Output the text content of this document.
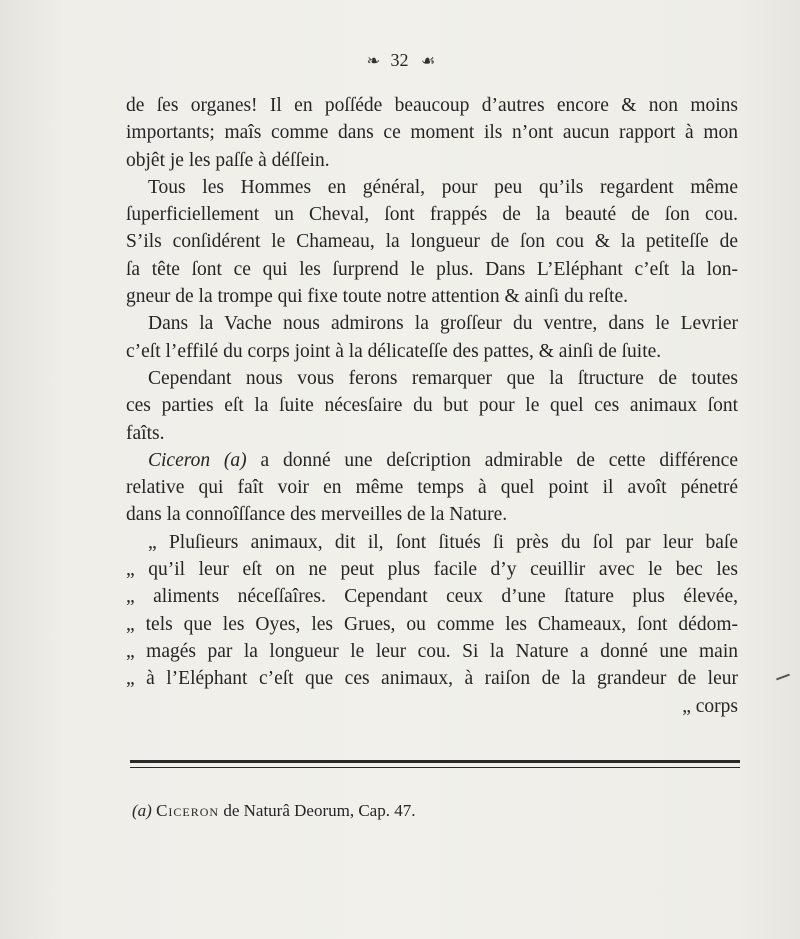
❧ 32 ☙

de ſes organes! Il en poſſéde beaucoup d’autres encore & non moins

importants; maîs comme dans ce moment ils n’ont aucun rapport à mon

objêt je les paſſe à déſſein.

Tous les Hommes en général, pour peu qu’ils regardent même

ſuperficiellement un Cheval, ſont frappés de la beauté de ſon cou.

S’ils conſidérent le Chameau, la longueur de ſon cou & la petiteſſe de

ſa tête ſont ce qui les ſurprend le plus. Dans L’Eléphant c’eſt la lon-

gneur de la trompe qui fixe toute notre attention & ainſi du reſte.

Dans la Vache nous admirons la groſſeur du ventre, dans le Levrier

c’eſt l’effilé du corps joint à la délicateſſe des pattes, & ainſi de ſuite.

Cependant nous vous ferons remarquer que la ſtructure de toutes

ces parties eſt la ſuite nécesſaire du but pour le quel ces animaux ſont

faîts.

Ciceron (a) a donné une deſcription admirable de cette différence

relative qui faît voir en même temps à quel point il avoît pénetré

dans la connoîſſance des merveilles de la Nature.

„ Pluſieurs animaux, dit il, ſont ſitués ſi près du ſol par leur baſe

„ qu’il leur eſt on ne peut plus facile d’y ceuillir avec le bec les

„ aliments néceſſaîres. Cependant ceux d’une ſtature plus élevée,

„ tels que les Oyes, les Grues, ou comme les Chameaux, ſont dédom-

„ magés par la longueur le leur cou. Si la Nature a donné une main

„ à l’Eléphant c’eſt que ces animaux, à raiſon de la grandeur de leur

„ corps

(a) Ciceron de Naturâ Deorum, Cap. 47.
